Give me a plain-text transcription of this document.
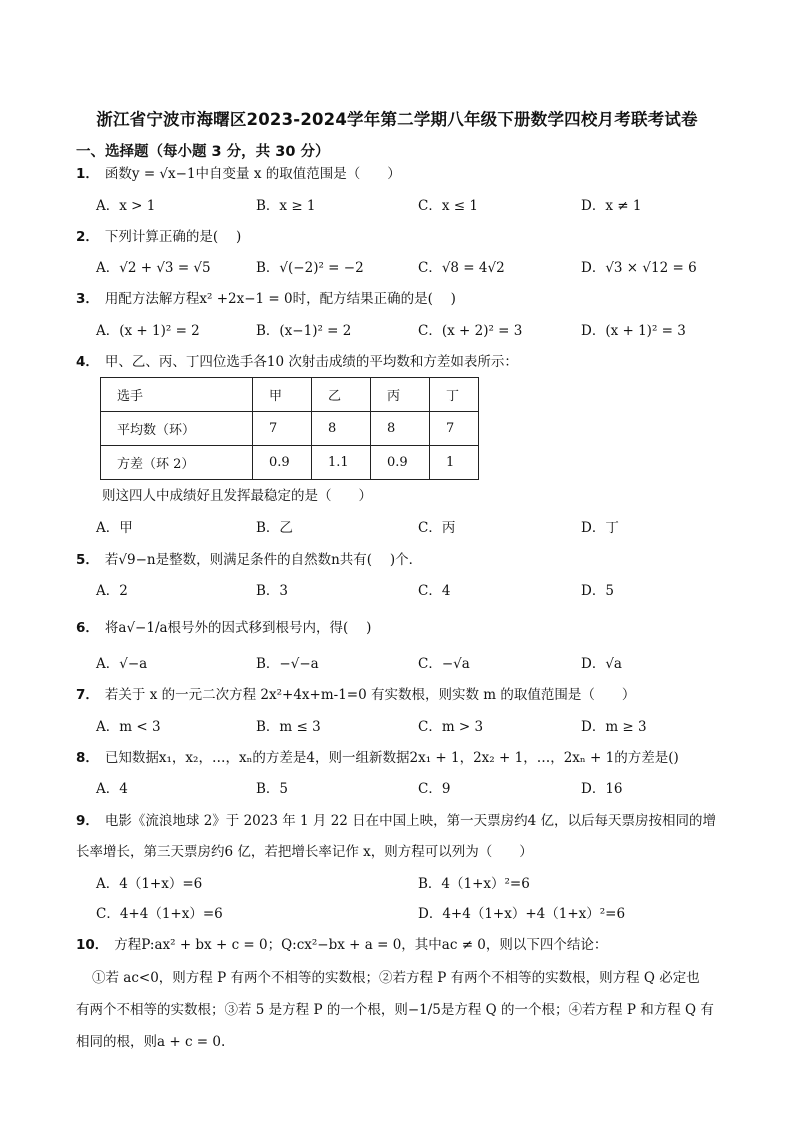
浙江省宁波市海曙区2023-2024学年第二学期八年级下册数学四校月考联考试卷
一、选择题（每小题 3 分，共 30 分）
1． 函数y = √x−1中自变量 x 的取值范围是（　　）
A．x > 1	B．x ≥ 1	C．x ≤ 1	D．x ≠ 1
2． 下列计算正确的是(　 )
A．√2 + √3 = √5	B．√(−2)² = −2	C．√8 = 4√2	D．√3 × √12 = 6
3． 用配方法解方程x² +2x−1 = 0时，配方结果正确的是(　 )
A．(x + 1)² = 2	B．(x−1)² = 2	C．(x + 2)² = 3	D．(x + 1)² = 3
4． 甲、乙、丙、丁四位选手各10 次射击成绩的平均数和方差如表所示：
选手	甲	乙	丙	丁
平均数（环）	7	8	8	7
方差（环 2）	0.9	1.1	0.9	1
则这四人中成绩好且发挥最稳定的是（　　）
A．甲	B．乙	C．丙	D．丁
5． 若√9−n是整数，则满足条件的自然数n共有(　 )个．
A．2	B．3	C．4	D．5
6． 将a√−1/a根号外的因式移到根号内，得(　 )
A．√−a	B．−√−a	C．−√a	D．√a
7． 若关于 x 的一元二次方程 2x²+4x+m-1=0 有实数根，则实数 m 的取值范围是（　　）
A．m < 3	B．m ≤ 3	C．m > 3	D．m ≥ 3
8． 已知数据x₁，x₂，…，xₙ的方差是4，则一组新数据2x₁ + 1，2x₂ + 1，…，2xₙ + 1的方差是()
A．4	B．5	C．9	D．16
9． 电影《流浪地球 2》于 2023 年 1 月 22 日在中国上映，第一天票房约4 亿，以后每天票房按相同的增
长率增长，第三天票房约6 亿，若把增长率记作 x，则方程可以列为（　　）
A．4（1+x）=6	B．4（1+x）²=6
C．4+4（1+x）=6	D．4+4（1+x）+4（1+x）²=6
10． 方程P:ax² + bx + c = 0；Q:cx²−bx + a = 0，其中ac ≠ 0，则以下四个结论：

①若 ac<0，则方程 P 有两个不相等的实数根；②若方程 P 有两个不相等的实数根，则方程 Q 必定也

有两个不相等的实数根；③若 5 是方程 P 的一个根，则−1/5是方程 Q 的一个根；④若方程 P 和方程 Q 有

相同的根，则a + c = 0.
